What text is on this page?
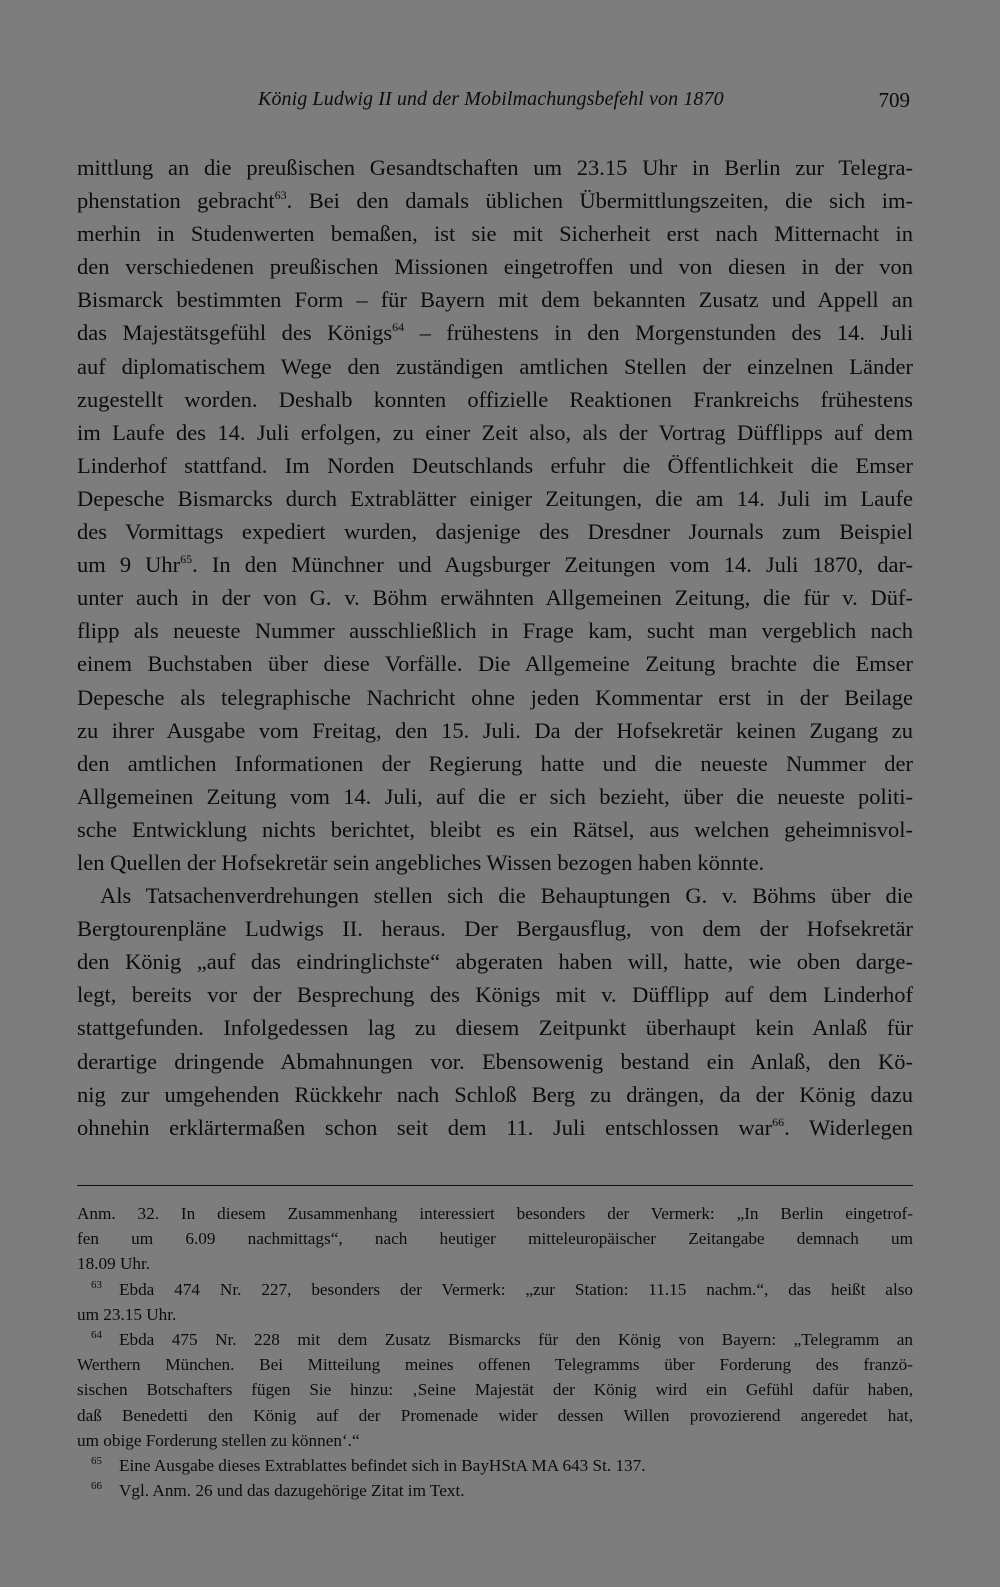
König Ludwig II und der Mobilmachungsbefehl von 1870	709
mittlung an die preußischen Gesandtschaften um 23.15 Uhr in Berlin zur Telegra-
phenstation gebracht$^{63}$. Bei den damals üblichen Übermittlungszeiten, die sich im-
merhin in Studenwerten bemaßen, ist sie mit Sicherheit erst nach Mitternacht in
den verschiedenen preußischen Missionen eingetroffen und von diesen in der von
Bismarck bestimmten Form – für Bayern mit dem bekannten Zusatz und Appell an
das Majestätsgefühl des Königs$^{64}$ – frühestens in den Morgenstunden des 14. Juli
auf diplomatischem Wege den zuständigen amtlichen Stellen der einzelnen Länder
zugestellt worden. Deshalb konnten offizielle Reaktionen Frankreichs frühestens
im Laufe des 14. Juli erfolgen, zu einer Zeit also, als der Vortrag Düfflipps auf dem
Linderhof stattfand. Im Norden Deutschlands erfuhr die Öffentlichkeit die Emser
Depesche Bismarcks durch Extrablätter einiger Zeitungen, die am 14. Juli im Laufe
des Vormittags expediert wurden, dasjenige des Dresdner Journals zum Beispiel
um 9 Uhr$^{65}$. In den Münchner und Augsburger Zeitungen vom 14. Juli 1870, dar-
unter auch in der von G. v. Böhm erwähnten Allgemeinen Zeitung, die für v. Düf-
flipp als neueste Nummer ausschließlich in Frage kam, sucht man vergeblich nach
einem Buchstaben über diese Vorfälle. Die Allgemeine Zeitung brachte die Emser
Depesche als telegraphische Nachricht ohne jeden Kommentar erst in der Beilage
zu ihrer Ausgabe vom Freitag, den 15. Juli. Da der Hofsekretär keinen Zugang zu
den amtlichen Informationen der Regierung hatte und die neueste Nummer der
Allgemeinen Zeitung vom 14. Juli, auf die er sich bezieht, über die neueste politi-
sche Entwicklung nichts berichtet, bleibt es ein Rätsel, aus welchen geheimnisvol-
len Quellen der Hofsekretär sein angebliches Wissen bezogen haben könnte.
Als Tatsachenverdrehungen stellen sich die Behauptungen G. v. Böhms über die
Bergtourenpläne Ludwigs II. heraus. Der Bergausflug, von dem der Hofsekretär
den König „auf das eindringlichste“ abgeraten haben will, hatte, wie oben darge-
legt, bereits vor der Besprechung des Königs mit v. Düfflipp auf dem Linderhof
stattgefunden. Infolgedessen lag zu diesem Zeitpunkt überhaupt kein Anlaß für
derartige dringende Abmahnungen vor. Ebensowenig bestand ein Anlaß, den Kö-
nig zur umgehenden Rückkehr nach Schloß Berg zu drängen, da der König dazu
ohnehin erklärtermaßen schon seit dem 11. Juli entschlossen war$^{66}$. Widerlegen
Anm. 32. In diesem Zusammenhang interessiert besonders der Vermerk: „In Berlin eingetrof-
fen um 6.09 nachmittags“, nach heutiger mitteleuropäischer Zeitangabe demnach um
18.09 Uhr.
63 Ebda 474 Nr. 227, besonders der Vermerk: „zur Station: 11.15 nachm.“, das heißt also
um 23.15 Uhr.
64 Ebda 475 Nr. 228 mit dem Zusatz Bismarcks für den König von Bayern: „Telegramm an
Werthern München. Bei Mitteilung meines offenen Telegramms über Forderung des franzö-
sischen Botschafters fügen Sie hinzu: ‚Seine Majestät der König wird ein Gefühl dafür haben,
daß Benedetti den König auf der Promenade wider dessen Willen provozierend angeredet hat,
um obige Forderung stellen zu können‘.“
65 Eine Ausgabe dieses Extrablattes befindet sich in BayHStA MA 643 St. 137.
66 Vgl. Anm. 26 und das dazugehörige Zitat im Text.
